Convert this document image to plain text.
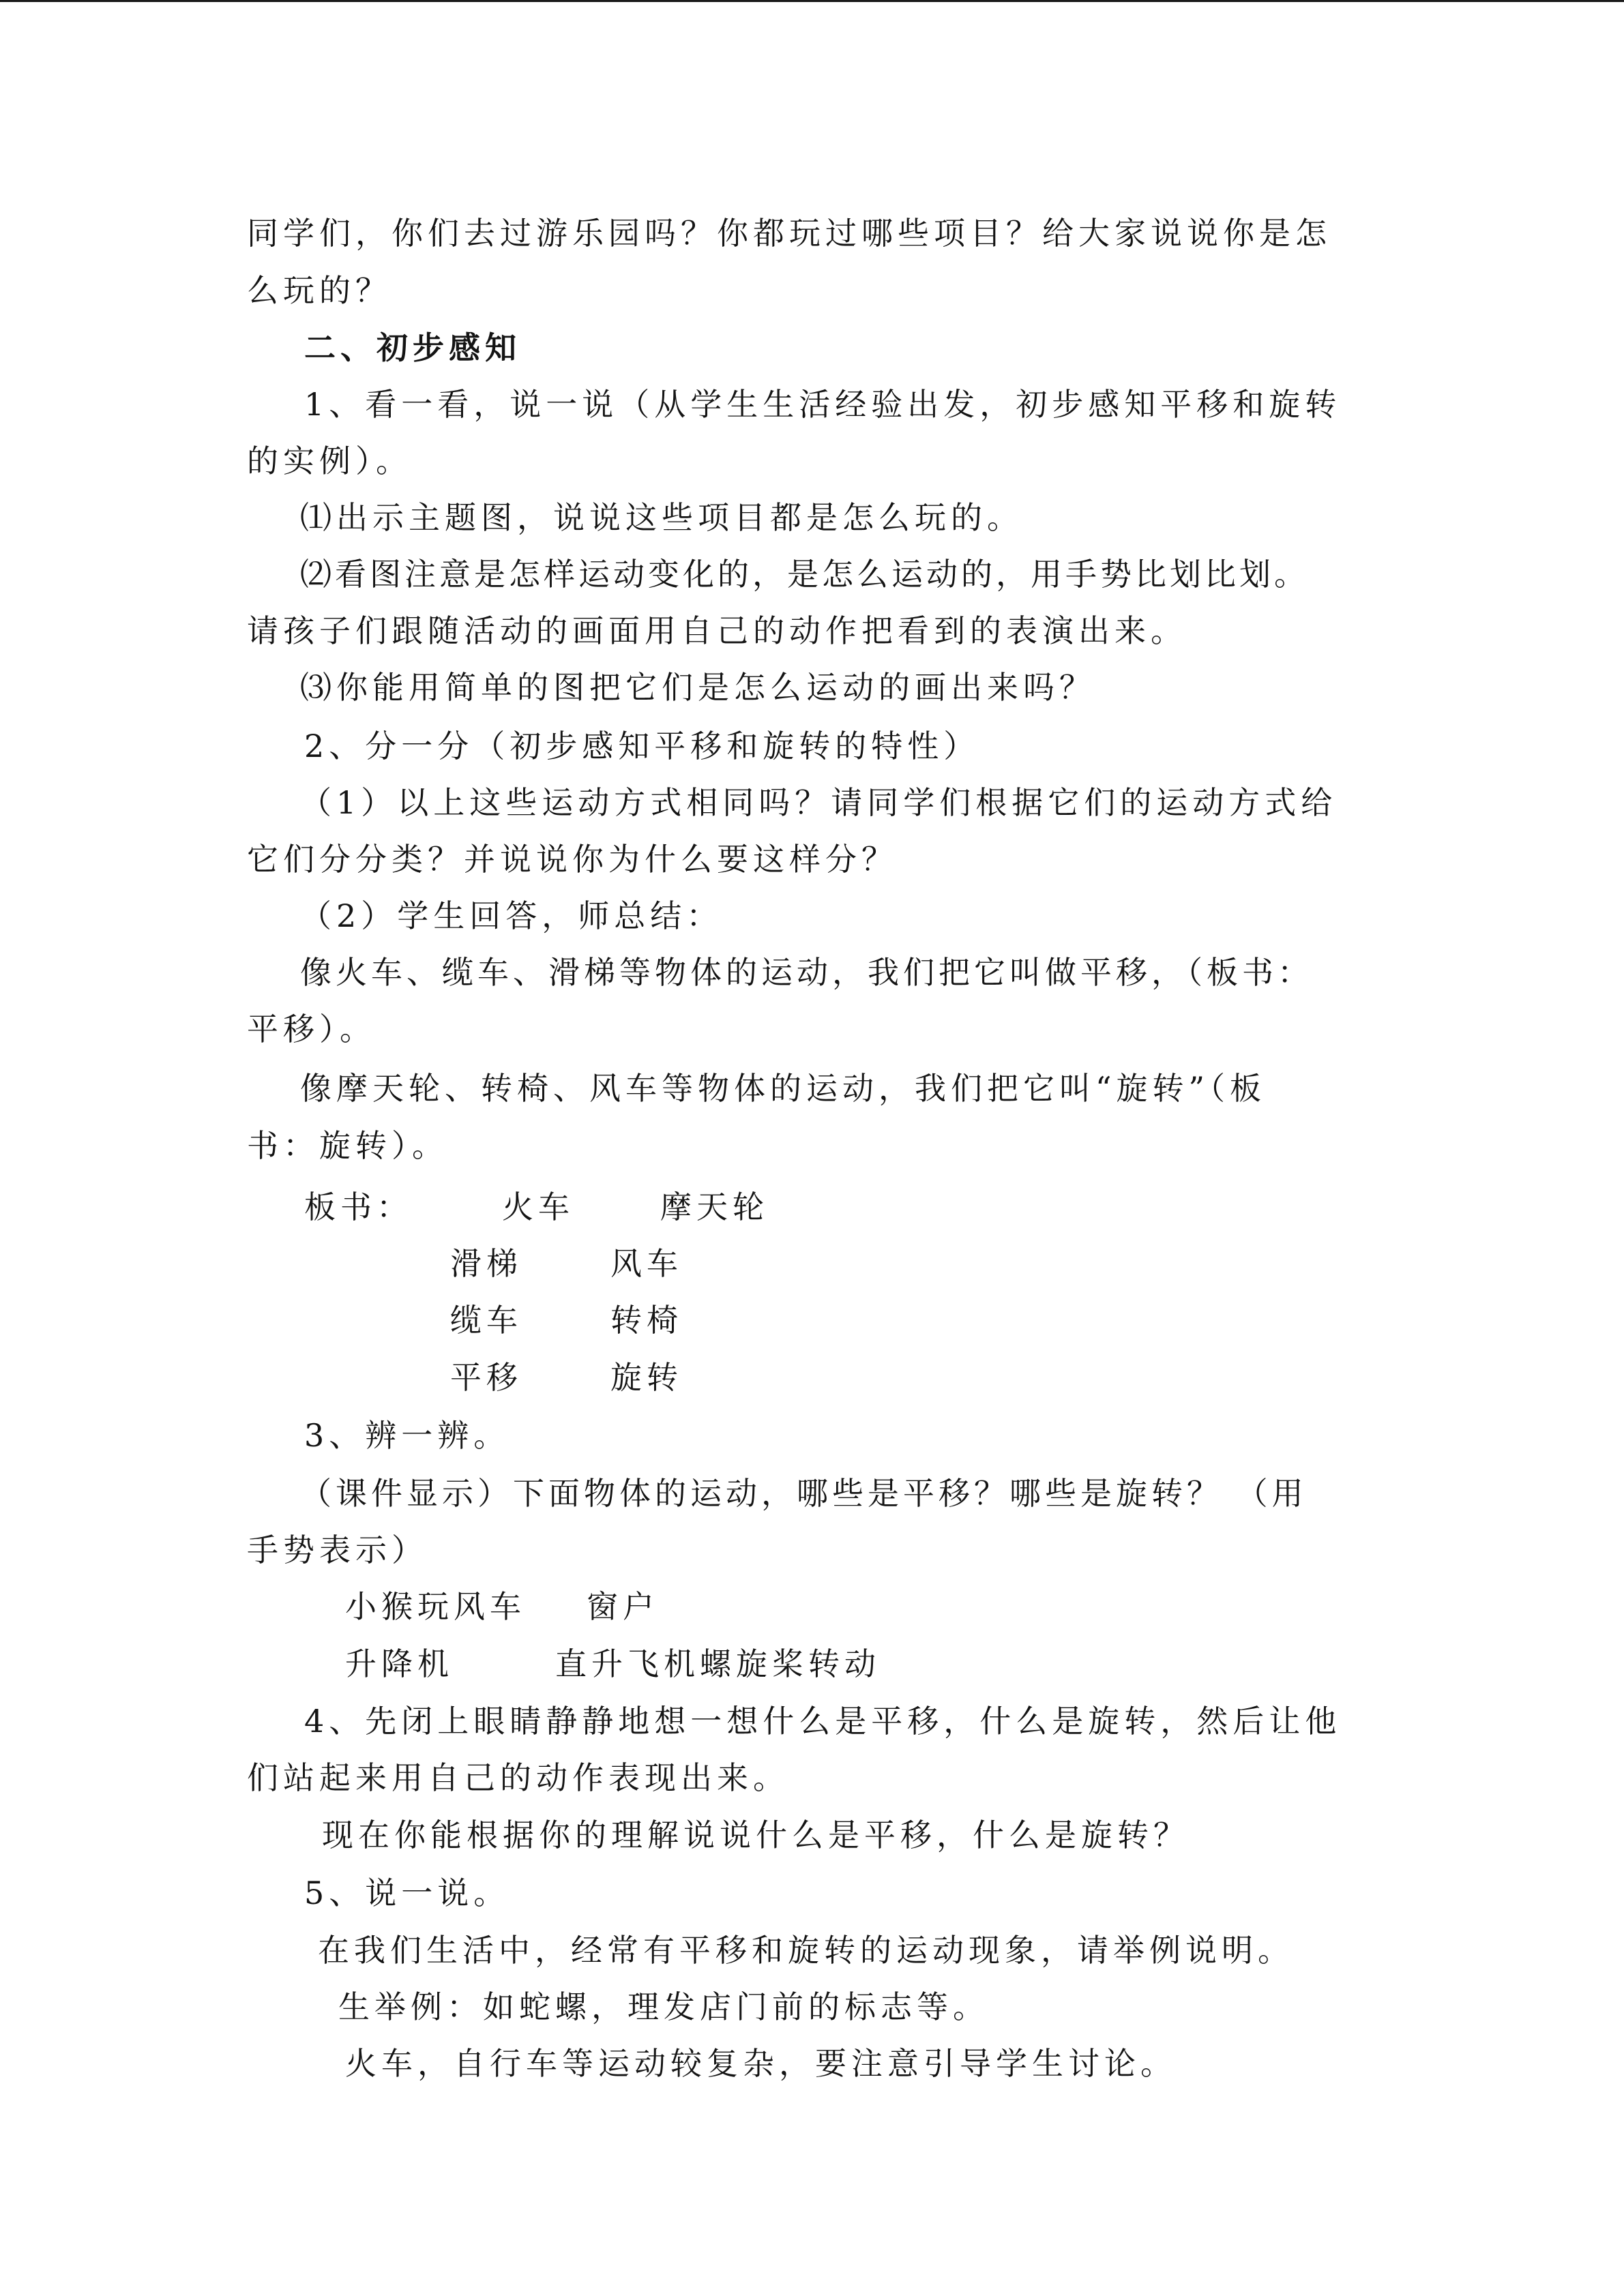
同学们，你们去过游乐园吗？你都玩过哪些项目？给大家说说你是怎
么玩的？
二、初步感知
1、看一看，说一说（从学生生活经验出发，初步感知平移和旋转
的实例）。
⑴出示主题图，说说这些项目都是怎么玩的。
⑵看图注意是怎样运动变化的，是怎么运动的，用手势比划比划。
请孩子们跟随活动的画面用自己的动作把看到的表演出来。
⑶你能用简单的图把它们是怎么运动的画出来吗？
2、分一分（初步感知平移和旋转的特性）
（1）以上这些运动方式相同吗？请同学们根据它们的运动方式给
它们分分类？并说说你为什么要这样分？
（2）学生回答，师总结：
像火车、缆车、滑梯等物体的运动，我们把它叫做平移，（板书：
平移）。
像摩天轮、转椅、风车等物体的运动，我们把它叫“旋转”（板
书：旋转）。
板书：	火车	摩天轮
滑梯	风车
缆车	转椅
平移	旋转
3、辨一辨。
（课件显示）下面物体的运动，哪些是平移？哪些是旋转？ （用
手势表示）
小猴玩风车 窗户
升降机	直升飞机螺旋桨转动
4、先闭上眼睛静静地想一想什么是平移，什么是旋转，然后让他
们站起来用自己的动作表现出来。
现在你能根据你的理解说说什么是平移，什么是旋转？
5、说一说。
在我们生活中，经常有平移和旋转的运动现象，请举例说明。
生举例：如蛇螺，理发店门前的标志等。
火车，自行车等运动较复杂，要注意引导学生讨论。
